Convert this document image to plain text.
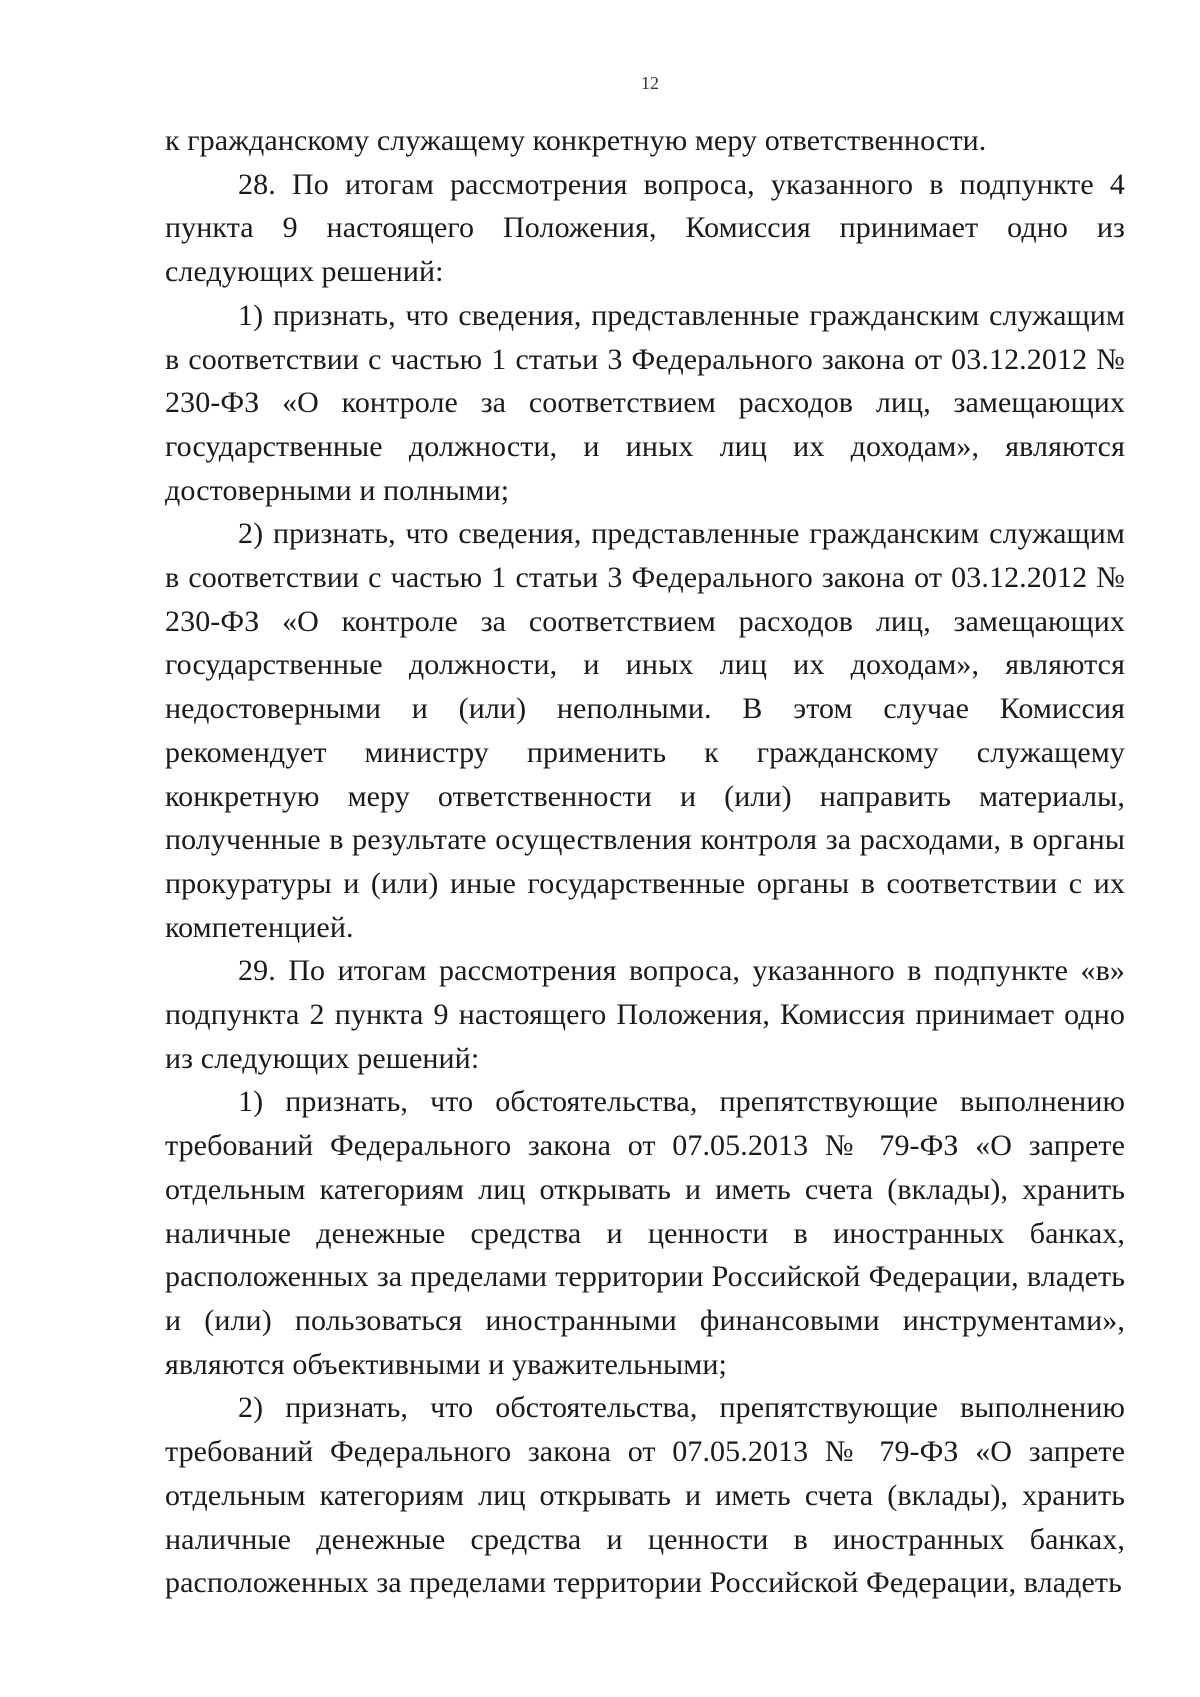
12

к гражданскому служащему конкретную меру ответственности.

28. По итогам рассмотрения вопроса, указанного в подпункте 4 пункта 9 настоящего Положения, Комиссия принимает одно из следующих решений:

1) признать, что сведения, представленные гражданским служащим в соответствии с частью 1 статьи 3 Федерального закона от 03.12.2012 № 230-ФЗ «О контроле за соответствием расходов лиц, замещающих государственные должности, и иных лиц их доходам», являются достоверными и полными;

2) признать, что сведения, представленные гражданским служащим в соответствии с частью 1 статьи 3 Федерального закона от 03.12.2012 № 230-ФЗ «О контроле за соответствием расходов лиц, замещающих государственные должности, и иных лиц их доходам», являются недостоверными и (или) неполными. В этом случае Комиссия рекомендует министру применить к гражданскому служащему конкретную меру ответственности и (или) направить материалы, полученные в результате осуществления контроля за расходами, в органы прокуратуры и (или) иные государственные органы в соответствии с их компетенцией.

29. По итогам рассмотрения вопроса, указанного в подпункте «в» подпункта 2 пункта 9 настоящего Положения, Комиссия принимает одно из следующих решений:

1) признать, что обстоятельства, препятствующие выполнению требований Федерального закона от 07.05.2013 № 79-ФЗ «О запрете отдельным категориям лиц открывать и иметь счета (вклады), хранить наличные денежные средства и ценности в иностранных банках, расположенных за пределами территории Российской Федерации, владеть и (или) пользоваться иностранными финансовыми инструментами», являются объективными и уважительными;

2) признать, что обстоятельства, препятствующие выполнению требований Федерального закона от 07.05.2013 № 79-ФЗ «О запрете отдельным категориям лиц открывать и иметь счета (вклады), хранить наличные денежные средства и ценности в иностранных банках, расположенных за пределами территории Российской Федерации, владеть
